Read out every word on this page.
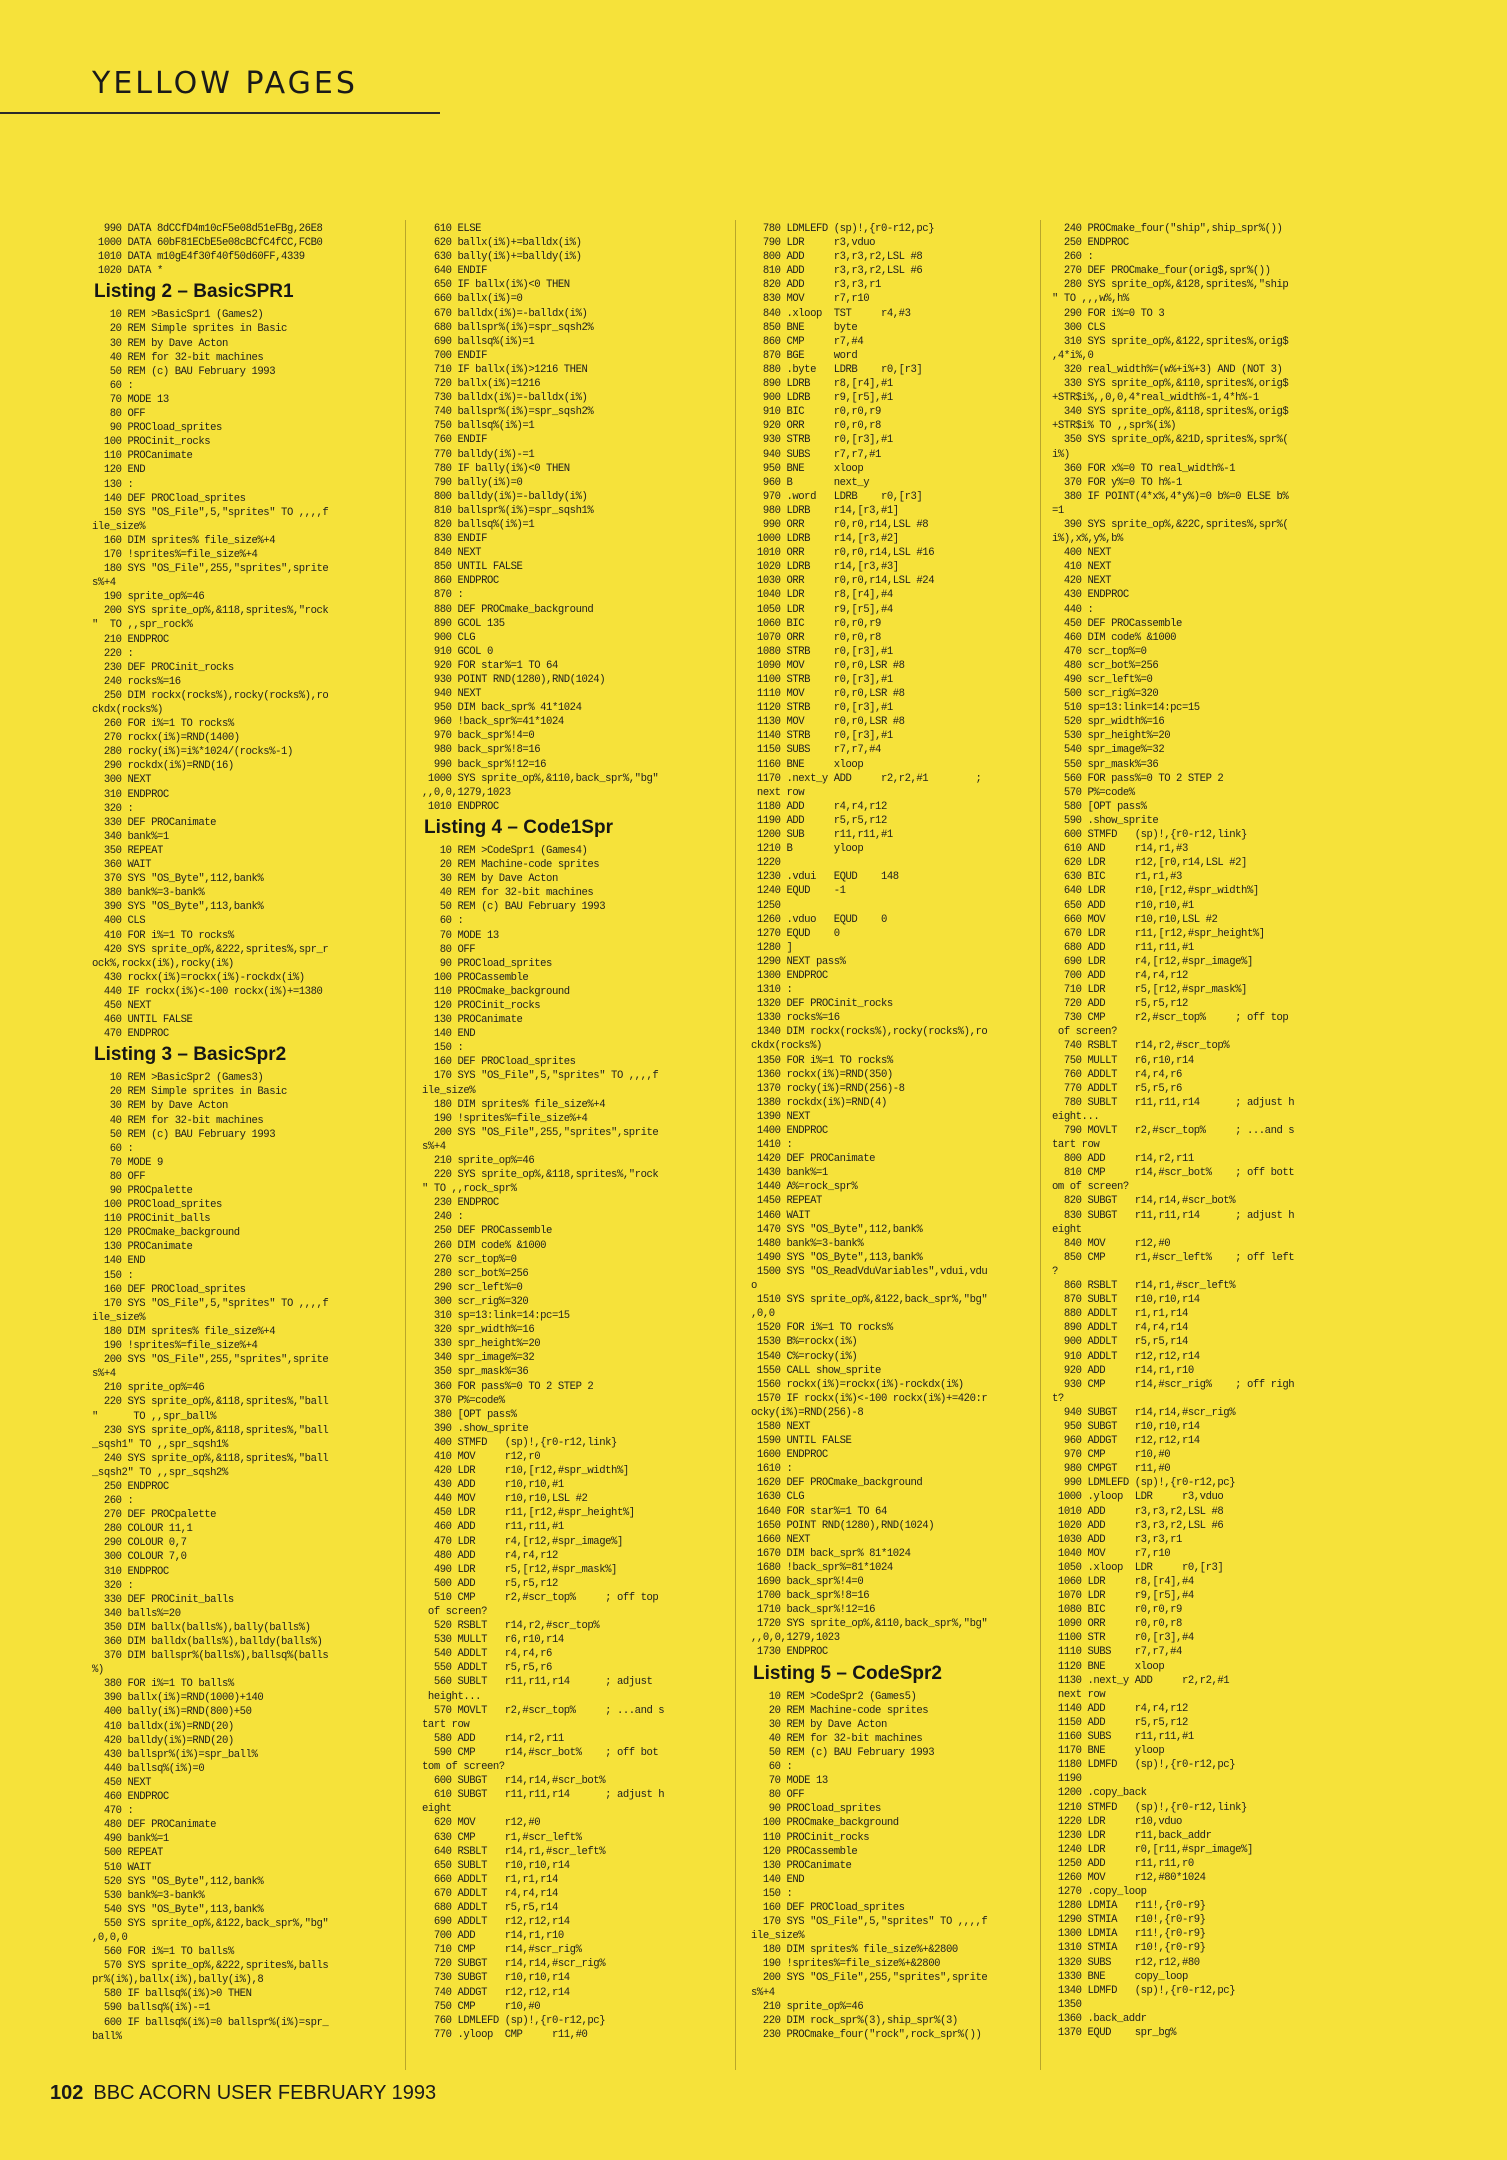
YELLOW PAGES
990 DATA 8dCCfD4m10cF5e08d51eFBg,26E8
1000 DATA 60bF81ECbE5e08cBCfC4fCC,FCB0
1010 DATA m10gE4f30f40f50d60FF,4339
1020 DATA *
Listing 2 – BasicSPR1
10 REM >BasicSpr1 (Games2)
20 REM Simple sprites in Basic
30 REM by Dave Acton
40 REM for 32-bit machines
50 REM (c) BAU February 1993
60 :
70 MODE 13
80 OFF
90 PROCload_sprites
100 PROCinit_rocks
110 PROCanimate
120 END
130 :
140 DEF PROCload_sprites
150 SYS "OS_File",5,"sprites" TO ,,,,f
ile_size%
160 DIM sprites% file_size%+4
170 !sprites%=file_size%+4
180 SYS "OS_File",255,"sprites",sprite
s%+4
190 sprite_op%=46
200 SYS sprite_op%,&118,sprites%,"rock
"  TO ,,spr_rock%
210 ENDPROC
220 :
230 DEF PROCinit_rocks
240 rocks%=16
250 DIM rockx(rocks%),rocky(rocks%),ro
ckdx(rocks%)
260 FOR i%=1 TO rocks%
270 rockx(i%)=RND(1400)
280 rocky(i%)=i%*1024/(rocks%-1)
290 rockdx(i%)=RND(16)
300 NEXT
310 ENDPROC
320 :
330 DEF PROCanimate
340 bank%=1
350 REPEAT
360 WAIT
370 SYS "OS_Byte",112,bank%
380 bank%=3-bank%
390 SYS "OS_Byte",113,bank%
400 CLS
410 FOR i%=1 TO rocks%
420 SYS sprite_op%,&222,sprites%,spr_r
ock%,rockx(i%),rocky(i%)
430 rockx(i%)=rockx(i%)-rockdx(i%)
440 IF rockx(i%)<-100 rockx(i%)+=1380
450 NEXT
460 UNTIL FALSE
470 ENDPROC
Listing 3 – BasicSpr2
10 REM >BasicSpr2 (Games3)
20 REM Simple sprites in Basic
30 REM by Dave Acton
40 REM for 32-bit machines
50 REM (c) BAU February 1993
60 :
70 MODE 9
80 OFF
90 PROCpalette
100 PROCload_sprites
110 PROCinit_balls
120 PROCmake_background
130 PROCanimate
140 END
150 :
160 DEF PROCload_sprites
170 SYS "OS_File",5,"sprites" TO ,,,,f
ile_size%
180 DIM sprites% file_size%+4
190 !sprites%=file_size%+4
200 SYS "OS_File",255,"sprites",sprite
s%+4
210 sprite_op%=46
220 SYS sprite_op%,&118,sprites%,"ball
"      TO ,,spr_ball%
230 SYS sprite_op%,&118,sprites%,"ball
_sqsh1" TO ,,spr_sqsh1%
240 SYS sprite_op%,&118,sprites%,"ball
_sqsh2" TO ,,spr_sqsh2%
250 ENDPROC
260 :
270 DEF PROCpalette
280 COLOUR 11,1
290 COLOUR 0,7
300 COLOUR 7,0
310 ENDPROC
320 :
330 DEF PROCinit_balls
340 balls%=20
350 DIM ballx(balls%),bally(balls%)
360 DIM balldx(balls%),balldy(balls%)
370 DIM ballspr%(balls%),ballsq%(balls
%)
380 FOR i%=1 TO balls%
390 ballx(i%)=RND(1000)+140
400 bally(i%)=RND(800)+50
410 balldx(i%)=RND(20)
420 balldy(i%)=RND(20)
430 ballspr%(i%)=spr_ball%
440 ballsq%(i%)=0
450 NEXT
460 ENDPROC
470 :
480 DEF PROCanimate
490 bank%=1
500 REPEAT
510 WAIT
520 SYS "OS_Byte",112,bank%
530 bank%=3-bank%
540 SYS "OS_Byte",113,bank%
550 SYS sprite_op%,&122,back_spr%,"bg"
,0,0,0
560 FOR i%=1 TO balls%
570 SYS sprite_op%,&222,sprites%,balls
pr%(i%),ballx(i%),bally(i%),8
580 IF ballsq%(i%)>0 THEN
590 ballsq%(i%)-=1
600 IF ballsq%(i%)=0 ballspr%(i%)=spr_
ball%
610 ELSE
620 ballx(i%)+=balldx(i%)
630 bally(i%)+=balldy(i%)
640 ENDIF
650 IF ballx(i%)<0 THEN
660 ballx(i%)=0
670 balldx(i%)=-balldx(i%)
680 ballspr%(i%)=spr_sqsh2%
690 ballsq%(i%)=1
700 ENDIF
710 IF ballx(i%)>1216 THEN
720 ballx(i%)=1216
730 balldx(i%)=-balldx(i%)
740 ballspr%(i%)=spr_sqsh2%
750 ballsq%(i%)=1
760 ENDIF
770 balldy(i%)-=1
780 IF bally(i%)<0 THEN
790 bally(i%)=0
800 balldy(i%)=-balldy(i%)
810 ballspr%(i%)=spr_sqsh1%
820 ballsq%(i%)=1
830 ENDIF
840 NEXT
850 UNTIL FALSE
860 ENDPROC
870 :
880 DEF PROCmake_background
890 GCOL 135
900 CLG
910 GCOL 0
920 FOR star%=1 TO 64
930 POINT RND(1280),RND(1024)
940 NEXT
950 DIM back_spr% 41*1024
960 !back_spr%=41*1024
970 back_spr%!4=0
980 back_spr%!8=16
990 back_spr%!12=16
1000 SYS sprite_op%,&110,back_spr%,"bg"
,,0,0,1279,1023
1010 ENDPROC
Listing 4 – Code1Spr
10 REM >CodeSpr1 (Games4)
20 REM Machine-code sprites
30 REM by Dave Acton
40 REM for 32-bit machines
50 REM (c) BAU February 1993
60 :
70 MODE 13
80 OFF
90 PROCload_sprites
100 PROCassemble
110 PROCmake_background
120 PROCinit_rocks
130 PROCanimate
140 END
150 :
160 DEF PROCload_sprites
170 SYS "OS_File",5,"sprites" TO ,,,,f
ile_size%
180 DIM sprites% file_size%+4
190 !sprites%=file_size%+4
200 SYS "OS_File",255,"sprites",sprite
s%+4
210 sprite_op%=46
220 SYS sprite_op%,&118,sprites%,"rock
" TO ,,rock_spr%
230 ENDPROC
240 :
250 DEF PROCassemble
260 DIM code% &1000
270 scr_top%=0
280 scr_bot%=256
290 scr_left%=0
300 scr_rig%=320
310 sp=13:link=14:pc=15
320 spr_width%=16
330 spr_height%=20
340 spr_image%=32
350 spr_mask%=36
360 FOR pass%=0 TO 2 STEP 2
370 P%=code%
380 [OPT pass%
390 .show_sprite
400 STMFD   (sp)!,{r0-r12,link}
410 MOV     r12,r0
420 LDR     r10,[r12,#spr_width%]
430 ADD     r10,r10,#1
440 MOV     r10,r10,LSL #2
450 LDR     r11,[r12,#spr_height%]
460 ADD     r11,r11,#1
470 LDR     r4,[r12,#spr_image%]
480 ADD     r4,r4,r12
490 LDR     r5,[r12,#spr_mask%]
500 ADD     r5,r5,r12
510 CMP     r2,#scr_top%     ; off top
of screen?
520 RSBLT   r14,r2,#scr_top%
530 MULLT   r6,r10,r14
540 ADDLT   r4,r4,r6
550 ADDLT   r5,r5,r6
560 SUBLT   r11,r11,r14      ; adjust
height...
570 MOVLT   r2,#scr_top%     ; ...and s
tart row
580 ADD     r14,r2,r11
590 CMP     r14,#scr_bot%    ; off bot
tom of screen?
600 SUBGT   r14,r14,#scr_bot%
610 SUBGT   r11,r11,r14      ; adjust h
eight
620 MOV     r12,#0
630 CMP     r1,#scr_left%
640 RSBLT   r14,r1,#scr_left%
650 SUBLT   r10,r10,r14
660 ADDLT   r1,r1,r14
670 ADDLT   r4,r4,r14
680 ADDLT   r5,r5,r14
690 ADDLT   r12,r12,r14
700 ADD     r14,r1,r10
710 CMP     r14,#scr_rig%
720 SUBGT   r14,r14,#scr_rig%
730 SUBGT   r10,r10,r14
740 ADDGT   r12,r12,r14
750 CMP     r10,#0
760 LDMLEFD (sp)!,{r0-r12,pc}
770 .yloop  CMP     r11,#0
780 LDMLEFD (sp)!,{r0-r12,pc}
790 LDR     r3,vduo
800 ADD     r3,r3,r2,LSL #8
810 ADD     r3,r3,r2,LSL #6
820 ADD     r3,r3,r1
830 MOV     r7,r10
840 .xloop  TST     r4,#3
850 BNE     byte
860 CMP     r7,#4
870 BGE     word
880 .byte   LDRB    r0,[r3]
890 LDRB    r8,[r4],#1
900 LDRB    r9,[r5],#1
910 BIC     r0,r0,r9
920 ORR     r0,r0,r8
930 STRB    r0,[r3],#1
940 SUBS    r7,r7,#1
950 BNE     xloop
960 B       next_y
970 .word   LDRB    r0,[r3]
980 LDRB    r14,[r3,#1]
990 ORR     r0,r0,r14,LSL #8
1000 LDRB    r14,[r3,#2]
1010 ORR     r0,r0,r14,LSL #16
1020 LDRB    r14,[r3,#3]
1030 ORR     r0,r0,r14,LSL #24
1040 LDR     r8,[r4],#4
1050 LDR     r9,[r5],#4
1060 BIC     r0,r0,r9
1070 ORR     r0,r0,r8
1080 STRB    r0,[r3],#1
1090 MOV     r0,r0,LSR #8
1100 STRB    r0,[r3],#1
1110 MOV     r0,r0,LSR #8
1120 STRB    r0,[r3],#1
1130 MOV     r0,r0,LSR #8
1140 STRB    r0,[r3],#1
1150 SUBS    r7,r7,#4
1160 BNE     xloop
1170 .next_y ADD     r2,r2,#1        ;
next row
1180 ADD     r4,r4,r12
1190 ADD     r5,r5,r12
1200 SUB     r11,r11,#1
1210 B       yloop
1220
1230 .vdui   EQUD    148
1240 EQUD    -1
1250
1260 .vduo   EQUD    0
1270 EQUD    0
1280 ]
1290 NEXT pass%
1300 ENDPROC
1310 :
1320 DEF PROCinit_rocks
1330 rocks%=16
1340 DIM rockx(rocks%),rocky(rocks%),ro
ckdx(rocks%)
1350 FOR i%=1 TO rocks%
1360 rockx(i%)=RND(350)
1370 rocky(i%)=RND(256)-8
1380 rockdx(i%)=RND(4)
1390 NEXT
1400 ENDPROC
1410 :
1420 DEF PROCanimate
1430 bank%=1
1440 A%=rock_spr%
1450 REPEAT
1460 WAIT
1470 SYS "OS_Byte",112,bank%
1480 bank%=3-bank%
1490 SYS "OS_Byte",113,bank%
1500 SYS "OS_ReadVduVariables",vdui,vdu
o
1510 SYS sprite_op%,&122,back_spr%,"bg"
,0,0
1520 FOR i%=1 TO rocks%
1530 B%=rockx(i%)
1540 C%=rocky(i%)
1550 CALL show_sprite
1560 rockx(i%)=rockx(i%)-rockdx(i%)
1570 IF rockx(i%)<-100 rockx(i%)+=420:r
ocky(i%)=RND(256)-8
1580 NEXT
1590 UNTIL FALSE
1600 ENDPROC
1610 :
1620 DEF PROCmake_background
1630 CLG
1640 FOR star%=1 TO 64
1650 POINT RND(1280),RND(1024)
1660 NEXT
1670 DIM back_spr% 81*1024
1680 !back_spr%=81*1024
1690 back_spr%!4=0
1700 back_spr%!8=16
1710 back_spr%!12=16
1720 SYS sprite_op%,&110,back_spr%,"bg"
,,0,0,1279,1023
1730 ENDPROC
Listing 5 – CodeSpr2
10 REM >CodeSpr2 (Games5)
20 REM Machine-code sprites
30 REM by Dave Acton
40 REM for 32-bit machines
50 REM (c) BAU February 1993
60 :
70 MODE 13
80 OFF
90 PROCload_sprites
100 PROCmake_background
110 PROCinit_rocks
120 PROCassemble
130 PROCanimate
140 END
150 :
160 DEF PROCload_sprites
170 SYS "OS_File",5,"sprites" TO ,,,,f
ile_size%
180 DIM sprites% file_size%+&2800
190 !sprites%=file_size%+&2800
200 SYS "OS_File",255,"sprites",sprite
s%+4
210 sprite_op%=46
220 DIM rock_spr%(3),ship_spr%(3)
230 PROCmake_four("rock",rock_spr%())
240 PROCmake_four("ship",ship_spr%())
250 ENDPROC
260 :
270 DEF PROCmake_four(orig$,spr%())
280 SYS sprite_op%,&128,sprites%,"ship
" TO ,,,w%,h%
290 FOR i%=0 TO 3
300 CLS
310 SYS sprite_op%,&122,sprites%,orig$
,4*i%,0
320 real_width%=(w%+i%+3) AND (NOT 3)
330 SYS sprite_op%,&110,sprites%,orig$
+STR$i%,,0,0,4*real_width%-1,4*h%-1
340 SYS sprite_op%,&118,sprites%,orig$
+STR$i% TO ,,spr%(i%)
350 SYS sprite_op%,&21D,sprites%,spr%(
i%)
360 FOR x%=0 TO real_width%-1
370 FOR y%=0 TO h%-1
380 IF POINT(4*x%,4*y%)=0 b%=0 ELSE b%
=1
390 SYS sprite_op%,&22C,sprites%,spr%(
i%),x%,y%,b%
400 NEXT
410 NEXT
420 NEXT
430 ENDPROC
440 :
450 DEF PROCassemble
460 DIM code% &1000
470 scr_top%=0
480 scr_bot%=256
490 scr_left%=0
500 scr_rig%=320
510 sp=13:link=14:pc=15
520 spr_width%=16
530 spr_height%=20
540 spr_image%=32
550 spr_mask%=36
560 FOR pass%=0 TO 2 STEP 2
570 P%=code%
580 [OPT pass%
590 .show_sprite
600 STMFD   (sp)!,{r0-r12,link}
610 AND     r14,r1,#3
620 LDR     r12,[r0,r14,LSL #2]
630 BIC     r1,r1,#3
640 LDR     r10,[r12,#spr_width%]
650 ADD     r10,r10,#1
660 MOV     r10,r10,LSL #2
670 LDR     r11,[r12,#spr_height%]
680 ADD     r11,r11,#1
690 LDR     r4,[r12,#spr_image%]
700 ADD     r4,r4,r12
710 LDR     r5,[r12,#spr_mask%]
720 ADD     r5,r5,r12
730 CMP     r2,#scr_top%     ; off top
of screen?
740 RSBLT   r14,r2,#scr_top%
750 MULLT   r6,r10,r14
760 ADDLT   r4,r4,r6
770 ADDLT   r5,r5,r6
780 SUBLT   r11,r11,r14      ; adjust h
eight...
790 MOVLT   r2,#scr_top%     ; ...and s
tart row
800 ADD     r14,r2,r11
810 CMP     r14,#scr_bot%    ; off bott
om of screen?
820 SUBGT   r14,r14,#scr_bot%
830 SUBGT   r11,r11,r14      ; adjust h
eight
840 MOV     r12,#0
850 CMP     r1,#scr_left%    ; off left
?
860 RSBLT   r14,r1,#scr_left%
870 SUBLT   r10,r10,r14
880 ADDLT   r1,r1,r14
890 ADDLT   r4,r4,r14
900 ADDLT   r5,r5,r14
910 ADDLT   r12,r12,r14
920 ADD     r14,r1,r10
930 CMP     r14,#scr_rig%    ; off righ
t?
940 SUBGT   r14,r14,#scr_rig%
950 SUBGT   r10,r10,r14
960 ADDGT   r12,r12,r14
970 CMP     r10,#0
980 CMPGT   r11,#0
990 LDMLEFD (sp)!,{r0-r12,pc}
1000 .yloop  LDR     r3,vduo
1010 ADD     r3,r3,r2,LSL #8
1020 ADD     r3,r3,r2,LSL #6
1030 ADD     r3,r3,r1
1040 MOV     r7,r10
1050 .xloop  LDR     r0,[r3]
1060 LDR     r8,[r4],#4
1070 LDR     r9,[r5],#4
1080 BIC     r0,r0,r9
1090 ORR     r0,r0,r8
1100 STR     r0,[r3],#4
1110 SUBS    r7,r7,#4
1120 BNE     xloop
1130 .next_y ADD     r2,r2,#1
next row
1140 ADD     r4,r4,r12
1150 ADD     r5,r5,r12
1160 SUBS    r11,r11,#1
1170 BNE     yloop
1180 LDMFD   (sp)!,{r0-r12,pc}
1190
1200 .copy_back
1210 STMFD   (sp)!,{r0-r12,link}
1220 LDR     r10,vduo
1230 LDR     r11,back_addr
1240 LDR     r0,[r11,#spr_image%]
1250 ADD     r11,r11,r0
1260 MOV     r12,#80*1024
1270 .copy_loop
1280 LDMIA   r11!,{r0-r9}
1290 STMIA   r10!,{r0-r9}
1300 LDMIA   r11!,{r0-r9}
1310 STMIA   r10!,{r0-r9}
1320 SUBS    r12,r12,#80
1330 BNE     copy_loop
1340 LDMFD   (sp)!,{r0-r12,pc}
1350
1360 .back_addr
1370 EQUD    spr_bg%
102 BBC ACORN USER FEBRUARY 1993
